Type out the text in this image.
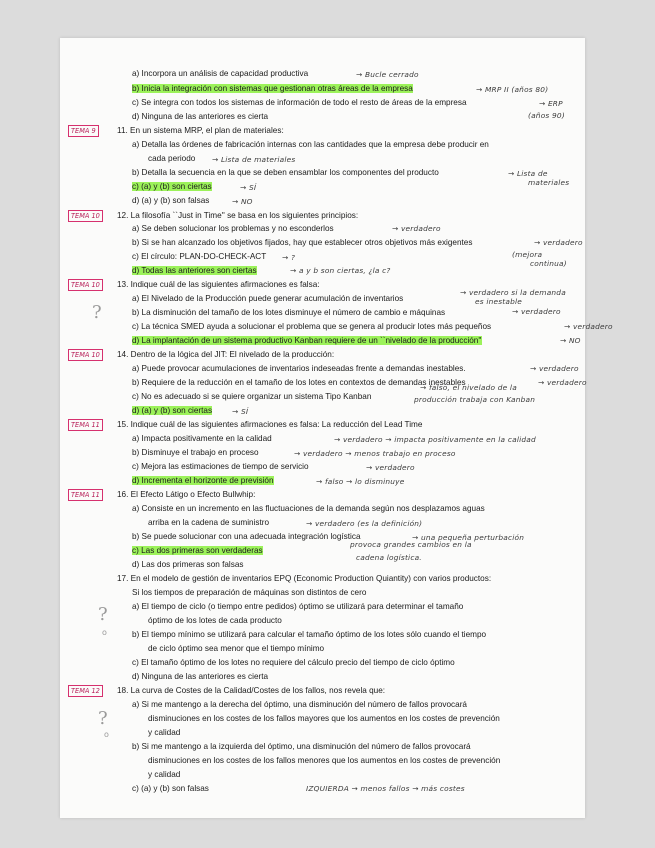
a) Incorpora un análisis de capacidad productiva
b) Inicia la integración con sistemas que gestionan otras áreas de la empresa
c) Se integra con todos los sistemas de información de todo el resto de áreas de la empresa
d) Ninguna de las anteriores es cierta
11. En un sistema MRP, el plan de materiales:
a) Detalla las órdenes de fabricación internas con las cantidades que la empresa debe producir en
cada periodo
b) Detalla la secuencia en la que se deben ensamblar los componentes del producto
c) (a) y (b) son ciertas
d) (a) y (b) son falsas
12. La filosofía ``Just in Time'' se basa en los siguientes principios:
a) Se deben solucionar los problemas y no esconderlos
b) Si se han alcanzado los objetivos fijados, hay que establecer otros objetivos más exigentes
c) El círculo: PLAN-DO-CHECK-ACT
d) Todas las anteriores son ciertas
13. Indique cuál de las siguientes afirmaciones es falsa:
a) El Nivelado de la Producción puede generar acumulación de inventarios
b) La disminución del tamaño de los lotes disminuye el número de cambio e máquinas
c) La técnica SMED ayuda a solucionar el problema que se genera al producir lotes más pequeños
d) La implantación de un sistema productivo Kanban requiere de un ``nivelado de la producción''
14. Dentro de la lógica del JIT: El nivelado de la producción:
a) Puede provocar acumulaciones de inventarios indeseadas frente a demandas inestables.
b) Requiere de la reducción en el tamaño de los lotes en contextos de demandas inestables
c) No es adecuado si se quiere organizar un sistema Tipo Kanban
d) (a) y (b) son ciertas
15. Indique cuál de las siguientes afirmaciones es falsa: La reducción del Lead Time
a) Impacta positivamente en la calidad
b) Disminuye el trabajo en proceso
c) Mejora las estimaciones de tiempo de servicio
d) Incrementa el horizonte de previsión
16. El Efecto Látigo o Efecto Bullwhip:
a) Consiste en un incremento en las fluctuaciones de la demanda según nos desplazamos aguas
arriba en la cadena de suministro
b) Se puede solucionar con una adecuada integración logística
c) Las dos primeras son verdaderas
d) Las dos primeras son falsas
17. En el modelo de gestión de inventarios EPQ (Economic Production Quiantity) con varios productos:
Si los tiempos de preparación de máquinas son distintos de cero
a) El tiempo de ciclo (o tiempo entre pedidos) óptimo se utilizará para determinar el tamaño
óptimo de los lotes de cada producto
b) El tiempo mínimo se utilizará para calcular el tamaño óptimo de los lotes sólo cuando el tiempo
de ciclo óptimo sea menor que el tiempo mínimo
c) El tamaño óptimo de los lotes no requiere del cálculo precio del tiempo de ciclo óptimo
d) Ninguna de las anteriores es cierta
18. La curva de Costes de la Calidad/Costes de los fallos, nos revela que:
a) Si me mantengo a la derecha del óptimo, una disminución del número de fallos provocará
disminuciones en los costes de los fallos mayores que los aumentos en los costes de prevención
y calidad
b) Si me mantengo a la izquierda del óptimo, una disminución del número de fallos provocará
disminuciones en los costes de los fallos menores que los aumentos en los costes de prevención
y calidad
c) (a) y (b) son falsas
TEMA 9
TEMA 10
TEMA 10
TEMA 10
TEMA 11
TEMA 11
TEMA 12
→ Bucle cerrado
→ MRP II (años 80)
→ ERP
(años 90)
→ Lista de materiales
→ Lista de
materiales
→ SÍ
→ NO
→ verdadero
→ verdadero
→ ?	(mejora
continua)
→ a y b son ciertas, ¿la c?
→ verdadero si la demanda
es inestable
→ verdadero
→ verdadero
→ NO
→ verdadero
→ verdadero
→ falso, el nivelado de la
producción trabaja con Kanban
→ SÍ
→ verdadero → impacta positivamente en la calidad
→ verdadero → menos trabajo en proceso
→ verdadero
→ falso → lo disminuye
→ verdadero (es la definición)
→ una pequeña perturbación
provoca grandes cambios en la
cadena logística.
IZQUIERDA → menos fallos → más costes
?
?
o
?
o
